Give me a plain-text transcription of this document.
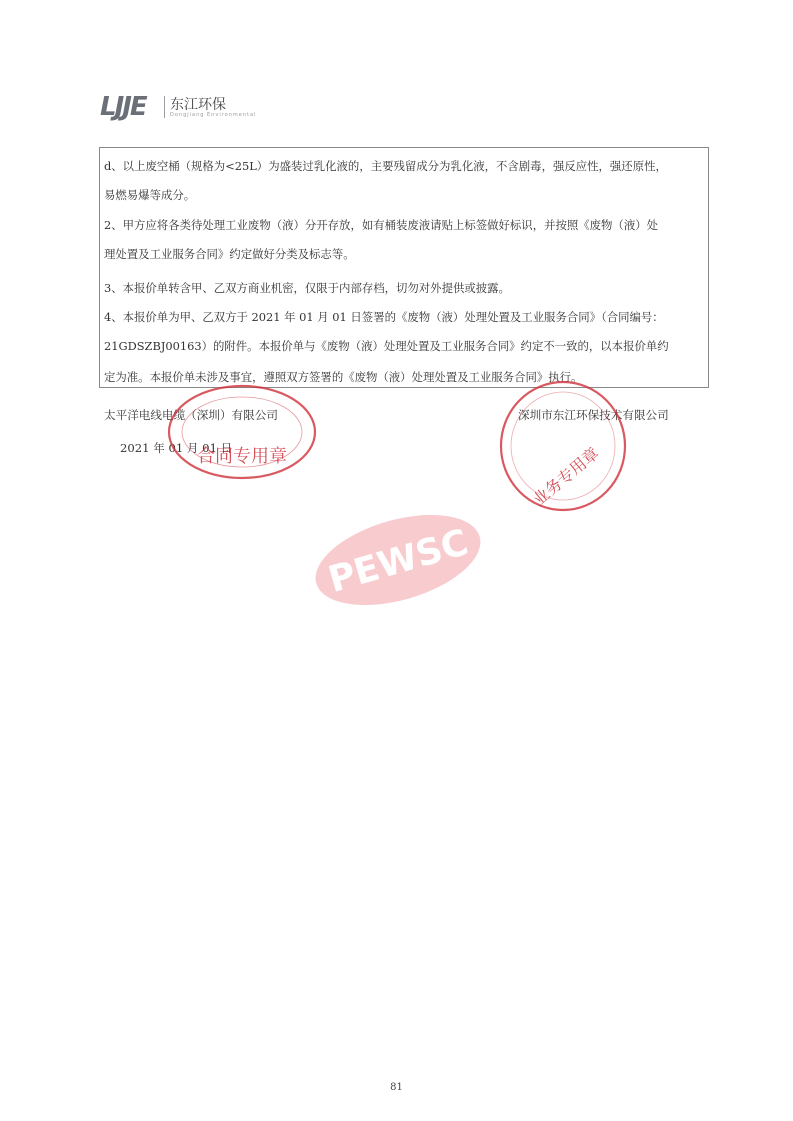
LJJE 东江环保
Dongjiang Environmental
d、以上废空桶（规格为<25L）为盛装过乳化液的，主要残留成分为乳化液，不含剧毒，强反应性，强还原性，
易燃易爆等成分。
2、甲方应将各类待处理工业废物（液）分开存放，如有桶装废液请贴上标签做好标识，并按照《废物（液）处
理处置及工业服务合同》约定做好分类及标志等。
3、本报价单转含甲、乙双方商业机密，仅限于内部存档，切勿对外提供或披露。
4、本报价单为甲、乙双方于 2021 年 01 月 01 日签署的《废物（液）处理处置及工业服务合同》（合同编号：
21GDSZBJ00163）的附件。本报价单与《废物（液）处理处置及工业服务合同》约定不一致的，以本报价单约
定为准。本报价单未涉及事宜，遵照双方签署的《废物（液）处理处置及工业服务合同》执行。
太平洋电线电缆（深圳）有限公司	深圳市东江环保技术有限公司
2021 年 01 月 01 日
合同专用章	业务专用章
PEWSC
81
